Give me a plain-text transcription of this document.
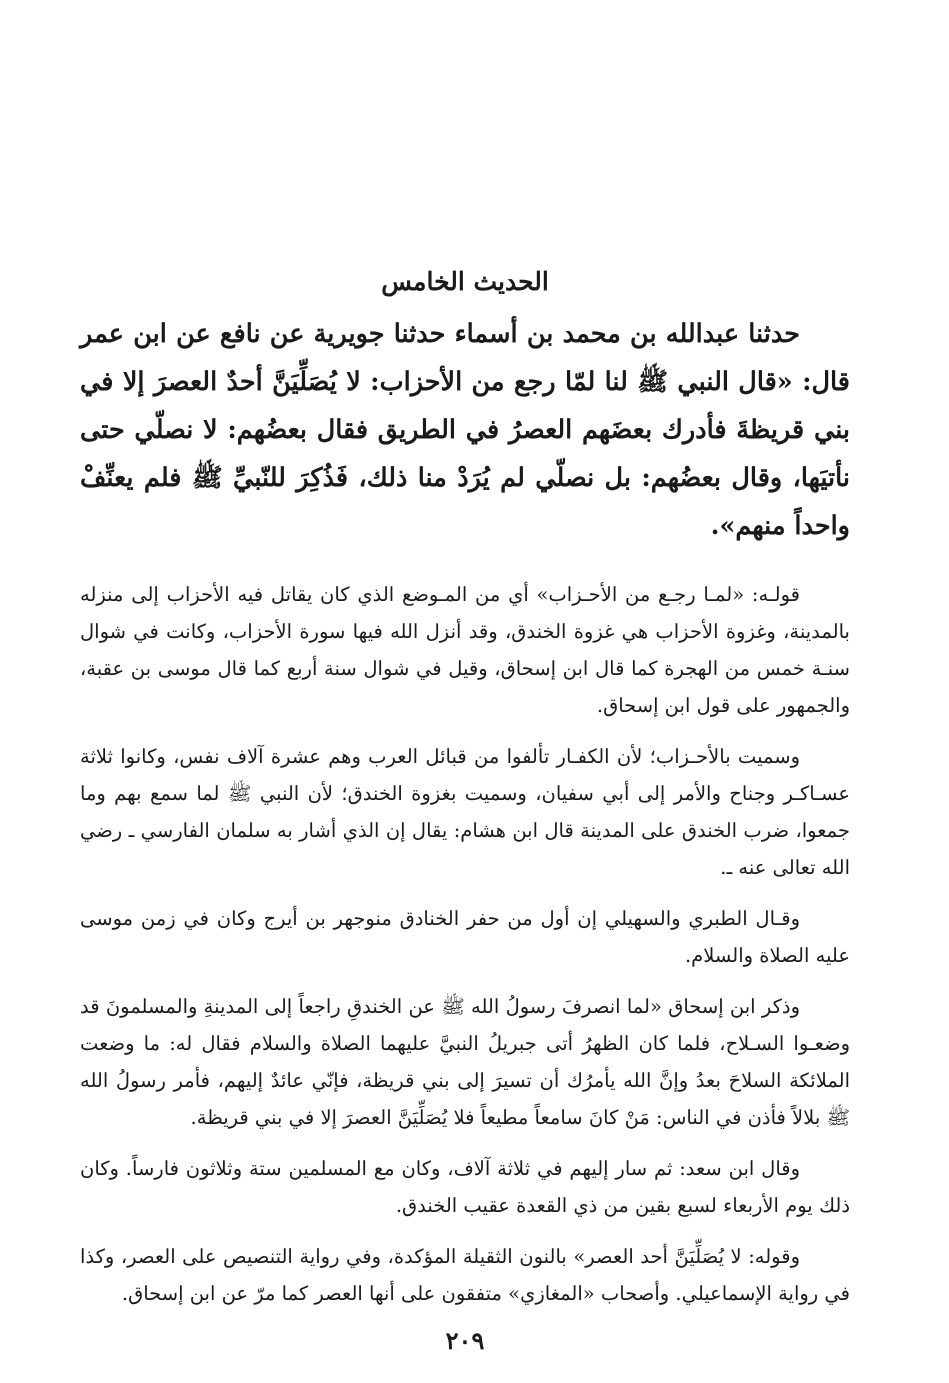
الحديث الخامس

حدثنا عبدالله بن محمد بن أسماء حدثنا جويرية عن نافع عن ابن عمر قال: «قال النبي ﷺ لنا لمّا رجع من الأحزاب: لا يُصَلِّيَنَّ أحدٌ العصرَ إلا في بني قريظةَ فأدرك بعضَهم العصرُ في الطريق فقال بعضُهم: لا نصلّي حتى نأتيَها، وقال بعضُهم: بل نصلّي لم يُرَدْ منا ذلك، فَذُكِرَ للنّبيِّ ﷺ فلم يعنِّفْ واحداً منهم».

قولـه: «لمـا رجـع من الأحـزاب» أي من المـوضع الذي كان يقاتل فيه الأحزاب إلى منزله بالمدينة، وغزوة الأحزاب هي غزوة الخندق، وقد أنزل الله فيها سورة الأحزاب، وكانت في شوال سنـة خمس من الهجرة كما قال ابن إسحاق، وقيل في شوال سنة أربع كما قال موسى بن عقبة، والجمهور على قول ابن إسحاق.

وسميت بالأحـزاب؛ لأن الكفـار تألفوا من قبائل العرب وهم عشرة آلاف نفس، وكانوا ثلاثة عسـاكـر وجناح والأمر إلى أبي سفيان، وسميت بغزوة الخندق؛ لأن النبي ﷺ لما سمع بهم وما جمعوا، ضرب الخندق على المدينة قال ابن هشام: يقال إن الذي أشار به سلمان الفارسي ـ رضي الله تعالى عنه ـ.

وقـال الطبري والسهيلي إن أول من حفر الخنادق منوجهر بن أيرج وكان في زمن موسى عليه الصلاة والسلام.

وذكر ابن إسحاق «لما انصرفَ رسولُ الله ﷺ عن الخندقِ راجعاً إلى المدينةِ والمسلمونَ قد وضعـوا السـلاح، فلما كان الظهرُ أتى جبريلُ النبيَّ عليهما الصلاة والسلام فقال له: ما وضعت الملائكة السلاحَ بعدُ وإنَّ الله يأمرُك أن تسيرَ إلى بني قريظة، فإنّي عائدٌ إليهم، فأمر رسولُ الله ﷺ بلالاً فأذن في الناس: مَنْ كانَ سامعاً مطيعاً فلا يُصَلِّيَنَّ العصرَ إلا في بني قريظة.

وقال ابن سعد: ثم سار إليهم في ثلاثة آلاف، وكان مع المسلمين ستة وثلاثون فارساً. وكان ذلك يوم الأربعاء لسبع بقين من ذي القعدة عقيب الخندق.

وقوله: لا يُصَلِّيَنَّ أحد العصر» بالنون الثقيلة المؤكدة، وفي رواية التنصيص على العصر، وكذا في رواية الإسماعيلي. وأصحاب «المغازي» متفقون على أنها العصر كما مرّ عن ابن إسحاق.

٢٠٩
